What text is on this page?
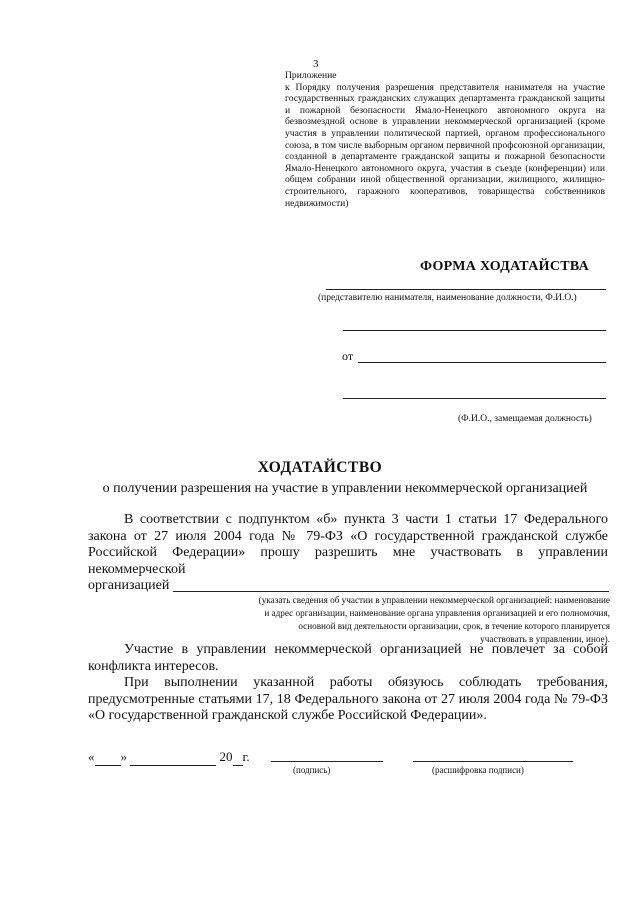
3
Приложение
к Порядку получения разрешения представителя нанимателя на участие государственных гражданских служащих департамента гражданской защиты и пожарной безопасности Ямало-Ненецкого автономного округа на безвозмездной основе в управлении некоммерческой организацией (кроме участия в управлении политической партией, органом профессионального союза, в том числе выборным органом первичной профсоюзной организации, созданной в департаменте гражданской защиты и пожарной безопасности Ямало-Ненецкого автономного округа, участия в съезде (конференции) или общем собрании иной общественной организации, жилищного, жилищно-строительного, гаражного кооперативов, товарищества собственников недвижимости)
ФОРМА ХОДАТАЙСТВА
(представителю нанимателя, наименование должности, Ф.И.О.)
от
(Ф.И.О., замещаемая должность)
ХОДАТАЙСТВО
о получении разрешения на участие в управлении некоммерческой организацией
В соответствии с подпунктом «б» пункта 3 части 1 статьи 17 Федерального закона от 27 июля 2004 года № 79-ФЗ «О государственной гражданской службе Российской Федерации» прошу разрешить мне участвовать в управлении некоммерческой
организацией
(указать сведения об участии в управлении некоммерческой организацией: наименование и адрес организации, наименование органа управления организацией и его полномочия, основной вид деятельности организации, срок, в течение которого планируется участвовать в управлении, иное).
Участие в управлении некоммерческой организацией не повлечет за собой конфликта интересов.
При выполнении указанной работы обязуюсь соблюдать требования, предусмотренные статьями 17, 18 Федерального закона от 27 июля 2004 года № 79-ФЗ «О государственной гражданской службе Российской Федерации».
« »	20 г.
(подпись)	(расшифровка подписи)
